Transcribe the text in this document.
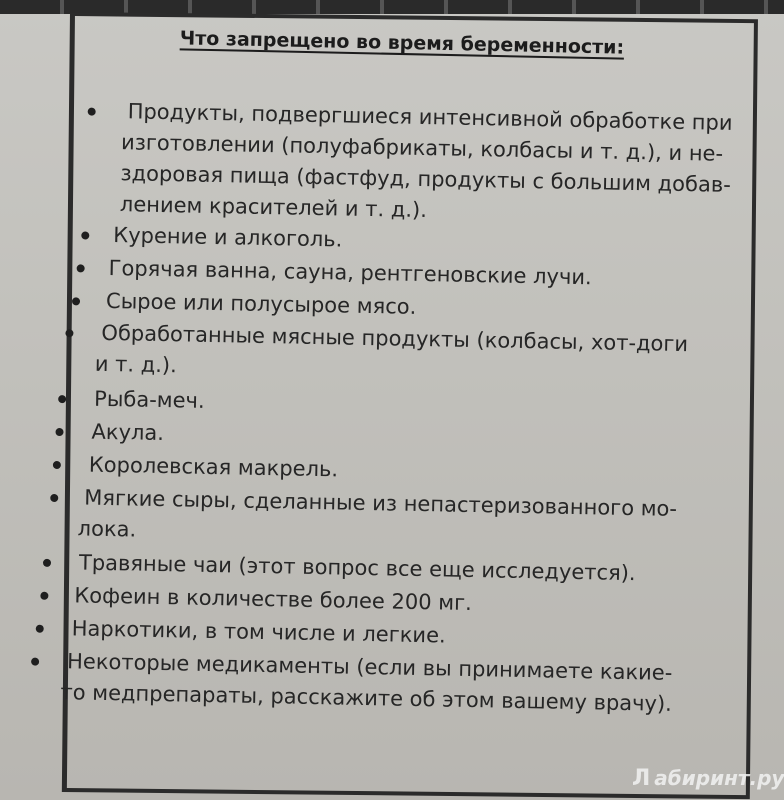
Что запрещено во время беременности:
Продукты, подвергшиеся интенсивной обработке при
изготовлении (полуфабрикаты, колбасы и т. д.), и не-
здоровая пища (фастфуд, продукты с большим добав-
лением красителей и т. д.).
Курение и алкоголь.
Горячая ванна, сауна, рентгеновские лучи.
Сырое или полусырое мясо.
Обработанные мясные продукты (колбасы, хот-доги
и т. д.).
Рыба-меч.
Акула.
Королевская макрель.
Мягкие сыры, сделанные из непастеризованного мо-
лока.
Травяные чаи (этот вопрос все еще исследуется).
Кофеин в количестве более 200 мг.
Наркотики, в том числе и легкие.
Некоторые медикаменты (если вы принимаете какие-
то медпрепараты, расскажите об этом вашему врачу).
Л абиринт.ру
